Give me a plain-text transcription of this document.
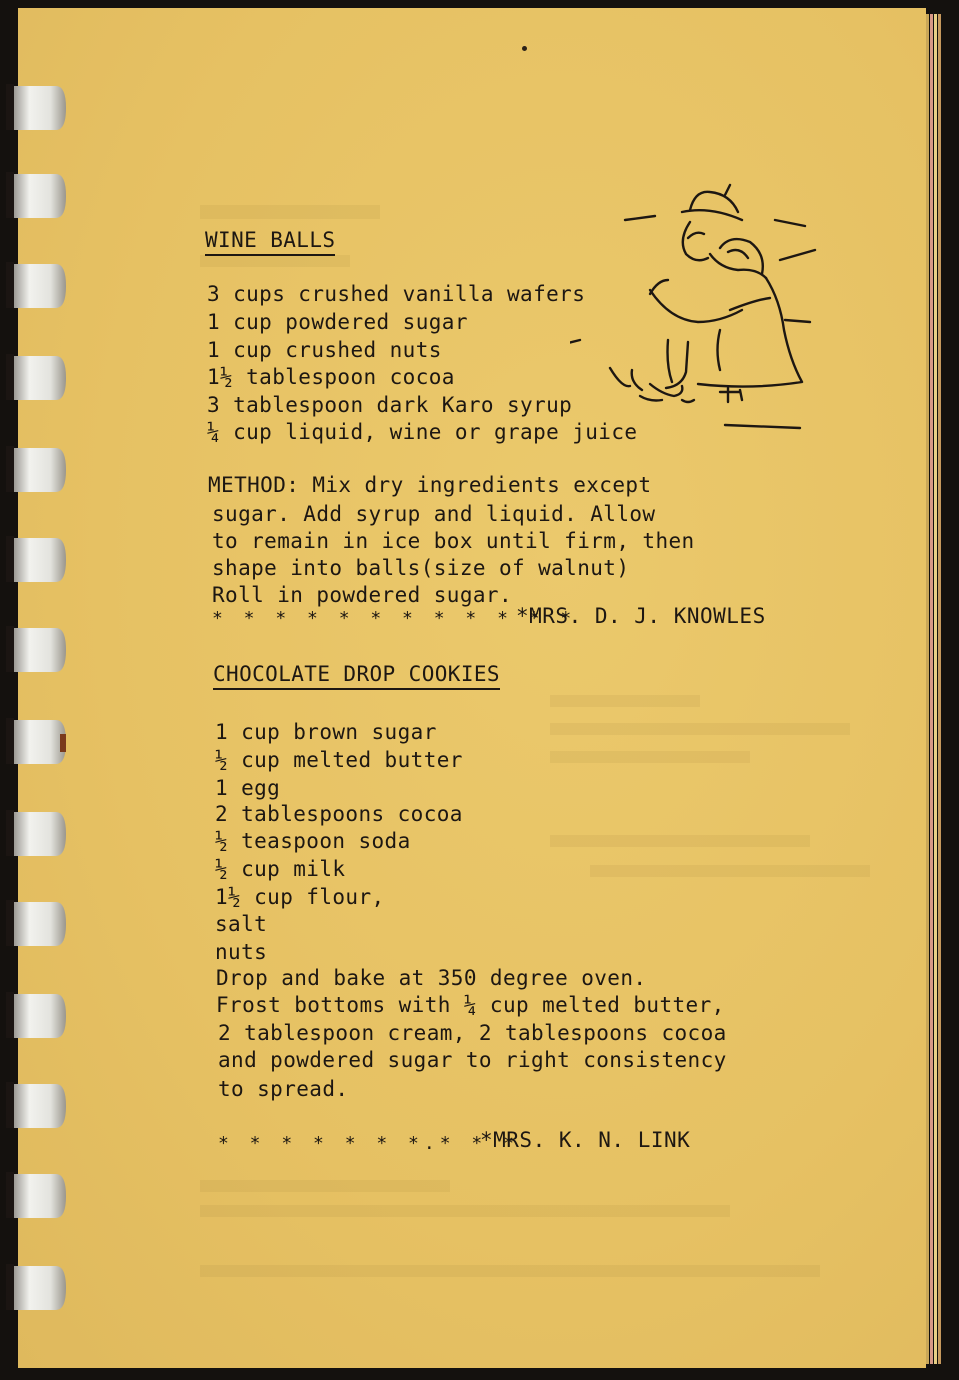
WINE BALLS
3 cups crushed vanilla wafers
1 cup powdered sugar
1 cup crushed nuts
1½ tablespoon cocoa
3 tablespoon dark Karo syrup
¼ cup liquid, wine or grape juice
METHOD: Mix dry ingredients except
sugar. Add syrup and liquid. Allow
to remain in ice box until firm, then
shape into balls(size of walnut)
Roll in powdered sugar.
* * * * * * * * * * * *
*MRS. D. J. KNOWLES
CHOCOLATE DROP COOKIES
1 cup brown sugar
½ cup melted butter
1 egg
2 tablespoons cocoa
½ teaspoon soda
½ cup milk
1½ cup flour,
salt
nuts
Drop and bake at 350 degree oven.
Frost bottoms with ¼ cup melted butter,
2 tablespoon cream, 2 tablespoons cocoa
and powdered sugar to right consistency
to spread.
* * * * * * *.* * *
*MRS. K. N. LINK
